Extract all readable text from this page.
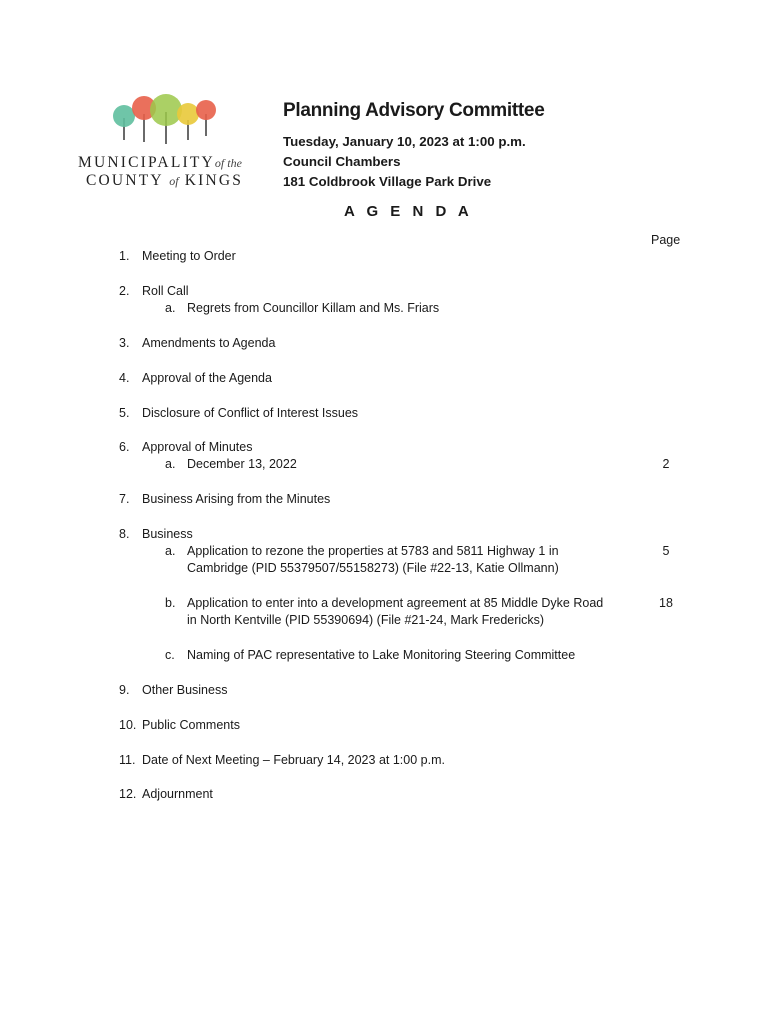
MUNICIPALITYof the
COUNTY of KINGS
Planning Advisory Committee
Tuesday, January 10, 2023 at 1:00 p.m.
Council Chambers
181 Coldbrook Village Park Drive
A G E N D A
Page
1. Meeting to Order
2. Roll Call
a. Regrets from Councillor Killam and Ms. Friars
3. Amendments to Agenda
4. Approval of the Agenda
5. Disclosure of Conflict of Interest Issues
6. Approval of Minutes
a. December 13, 2022	2
7. Business Arising from the Minutes
8. Business
a. Application to rezone the properties at 5783 and 5811 Highway 1 in
Cambridge (PID 55379507/55158273) (File #22-13, Katie Ollmann)
5
b. Application to enter into a development agreement at 85 Middle Dyke Road
in North Kentville (PID 55390694) (File #21-24, Mark Fredericks)
18
c. Naming of PAC representative to Lake Monitoring Steering Committee
9. Other Business
10. Public Comments
11. Date of Next Meeting – February 14, 2023 at 1:00 p.m.
12. Adjournment
